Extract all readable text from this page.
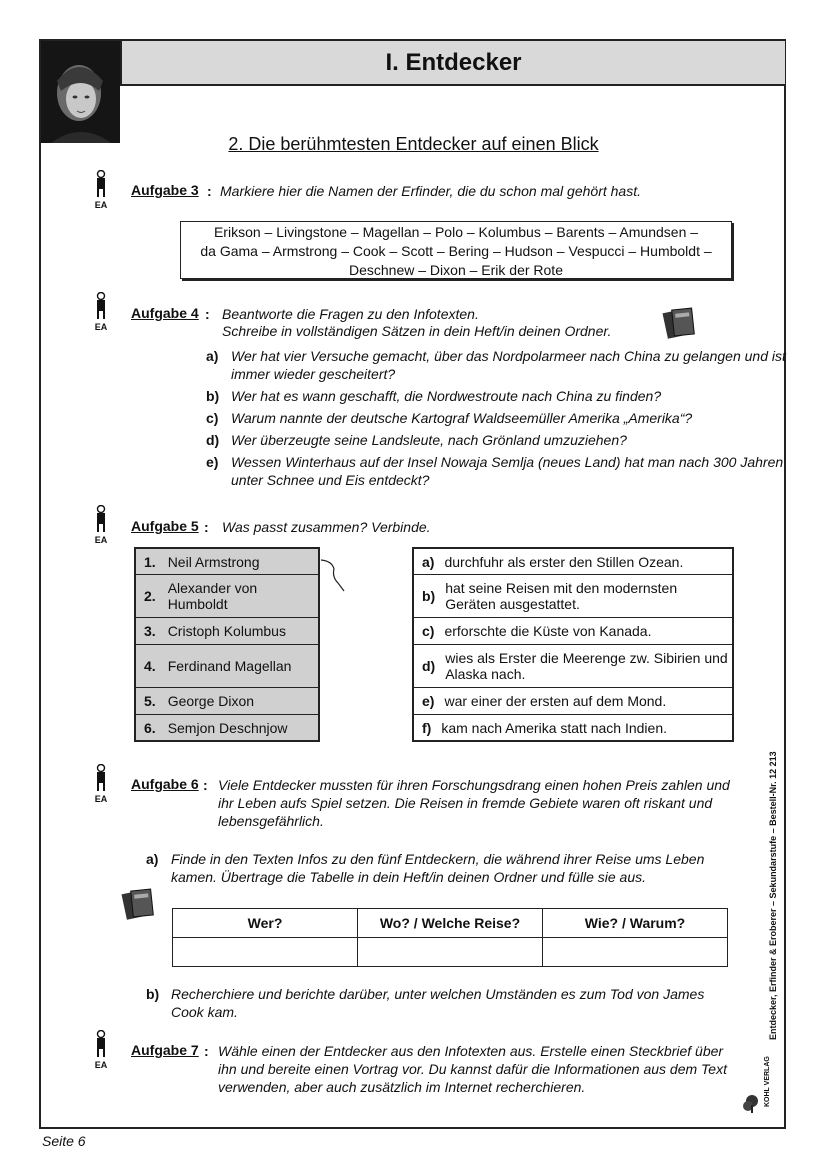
I. Entdecker
2. Die berühmtesten Entdecker auf einen Blick
EA
Aufgabe 3 : Markiere hier die Namen der Erfinder, die du schon mal gehört hast.
Erikson – Livingstone – Magellan – Polo – Kolumbus – Barents – Amundsen –
da Gama – Armstrong – Cook – Scott – Bering – Hudson – Vespucci – Humboldt –
Deschnew – Dixon – Erik der Rote
EA
Aufgabe 4 : Beantworte die Fragen zu den Infotexten.
Schreibe in vollständigen Sätzen in dein Heft/in deinen Ordner.
a) Wer hat vier Versuche gemacht, über das Nordpolarmeer nach China zu gelangen und ist immer wieder gescheitert?
b) Wer hat es wann geschafft, die Nordwestroute nach China zu finden?
c) Warum nannte der deutsche Kartograf Waldseemüller Amerika „Amerika“?
d) Wer überzeugte seine Landsleute, nach Grönland umzuziehen?
e) Wessen Winterhaus auf der Insel Nowaja Semlja (neues Land) hat man nach 300 Jahren unter Schnee und Eis entdeckt?
EA
Aufgabe 5 : Was passt zusammen? Verbinde.
1. Neil Armstrong
2. Alexander von Humboldt
3. Cristoph Kolumbus
4. Ferdinand Magellan
5. George Dixon
6. Semjon Deschnjow
a) durchfuhr als erster den Stillen Ozean.
b) hat seine Reisen mit den modernsten Geräten ausgestattet.
c) erforschte die Küste von Kanada.
d) wies als Erster die Meerenge zw. Sibirien und Alaska nach.
e) war einer der ersten auf dem Mond.
f) kam nach Amerika statt nach Indien.
EA
Aufgabe 6 : Viele Entdecker mussten für ihren Forschungsdrang einen hohen Preis zahlen und ihr Leben aufs Spiel setzen. Die Reisen in fremde Gebiete waren oft riskant und lebensgefährlich.
a) Finde in den Texten Infos zu den fünf Entdeckern, die während ihrer Reise ums Leben kamen. Übertrage die Tabelle in dein Heft/in deinen Ordner und fülle sie aus.
Wer?	Wo? / Welche Reise?	Wie? / Warum?

b) Recherchiere und berichte darüber, unter welchen Umständen es zum Tod von James Cook kam.
EA
Aufgabe 7 : Wähle einen der Entdecker aus den Infotexten aus. Erstelle einen Steckbrief über ihn und bereite einen Vortrag vor. Du kannst dafür die Informationen aus dem Text verwenden, aber auch zusätzlich im Internet recherchieren.
Entdecker, Erfinder & Eroberer – Sekundarstufe – Bestell-Nr. 12 213
KOHL VERLAG
Seite 6
